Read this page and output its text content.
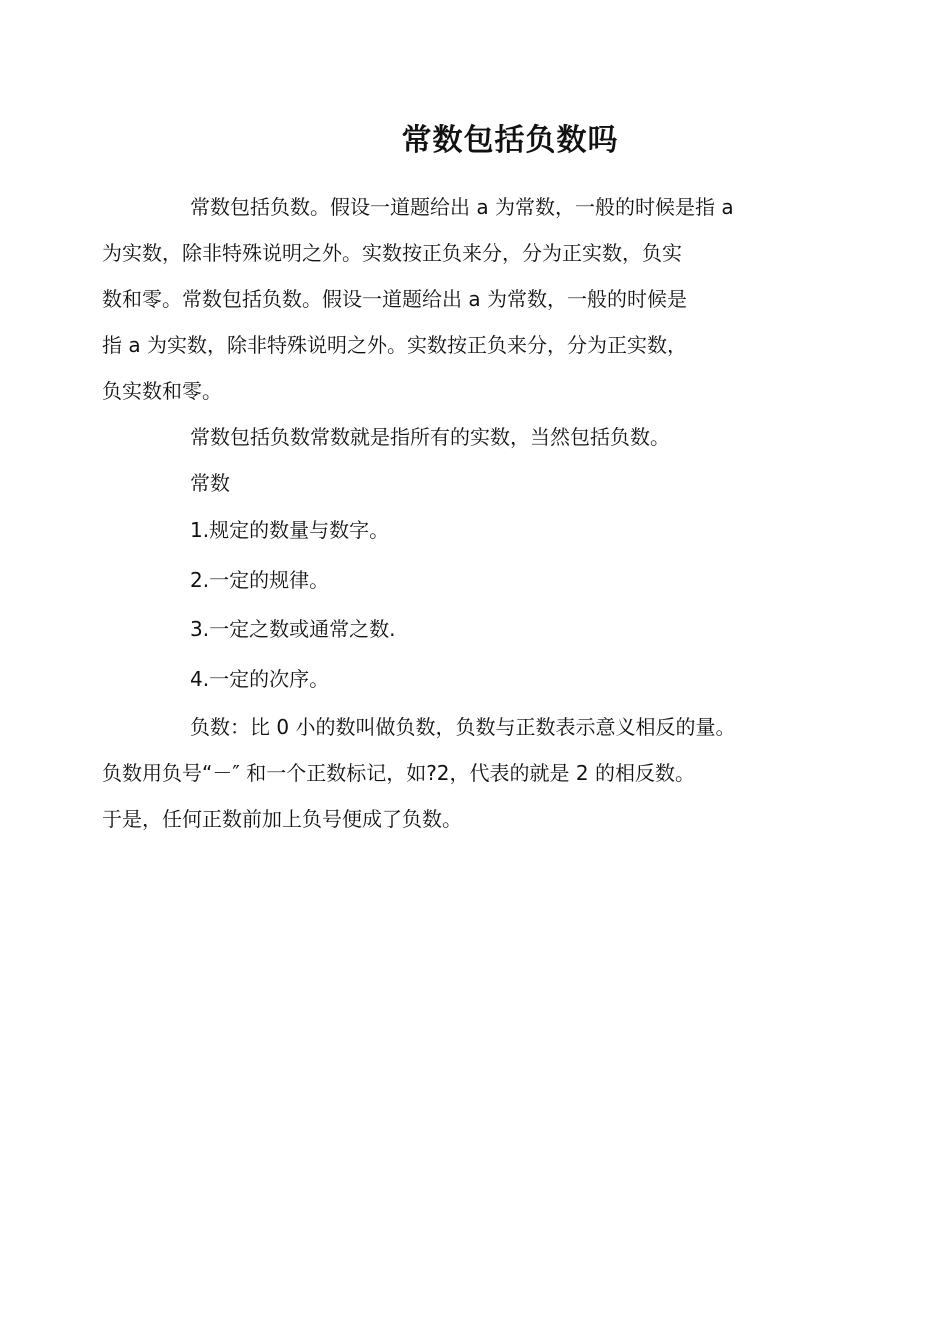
常数包括负数吗

常数包括负数。假设一道题给出 a 为常数，一般的时候是指 a
为实数，除非特殊说明之外。实数按正负来分，分为正实数，负实
数和零。常数包括负数。假设一道题给出 a 为常数，一般的时候是
指 a 为实数，除非特殊说明之外。实数按正负来分，分为正实数，
负实数和零。

常数包括负数常数就是指所有的实数，当然包括负数。

常数

1.规定的数量与数字。

2.一定的规律。

3.一定之数或通常之数.

4.一定的次序。

负数：比 0 小的数叫做负数，负数与正数表示意义相反的量。
负数用负号“－″ 和一个正数标记，如?2，代表的就是 2 的相反数。
于是，任何正数前加上负号便成了负数。
